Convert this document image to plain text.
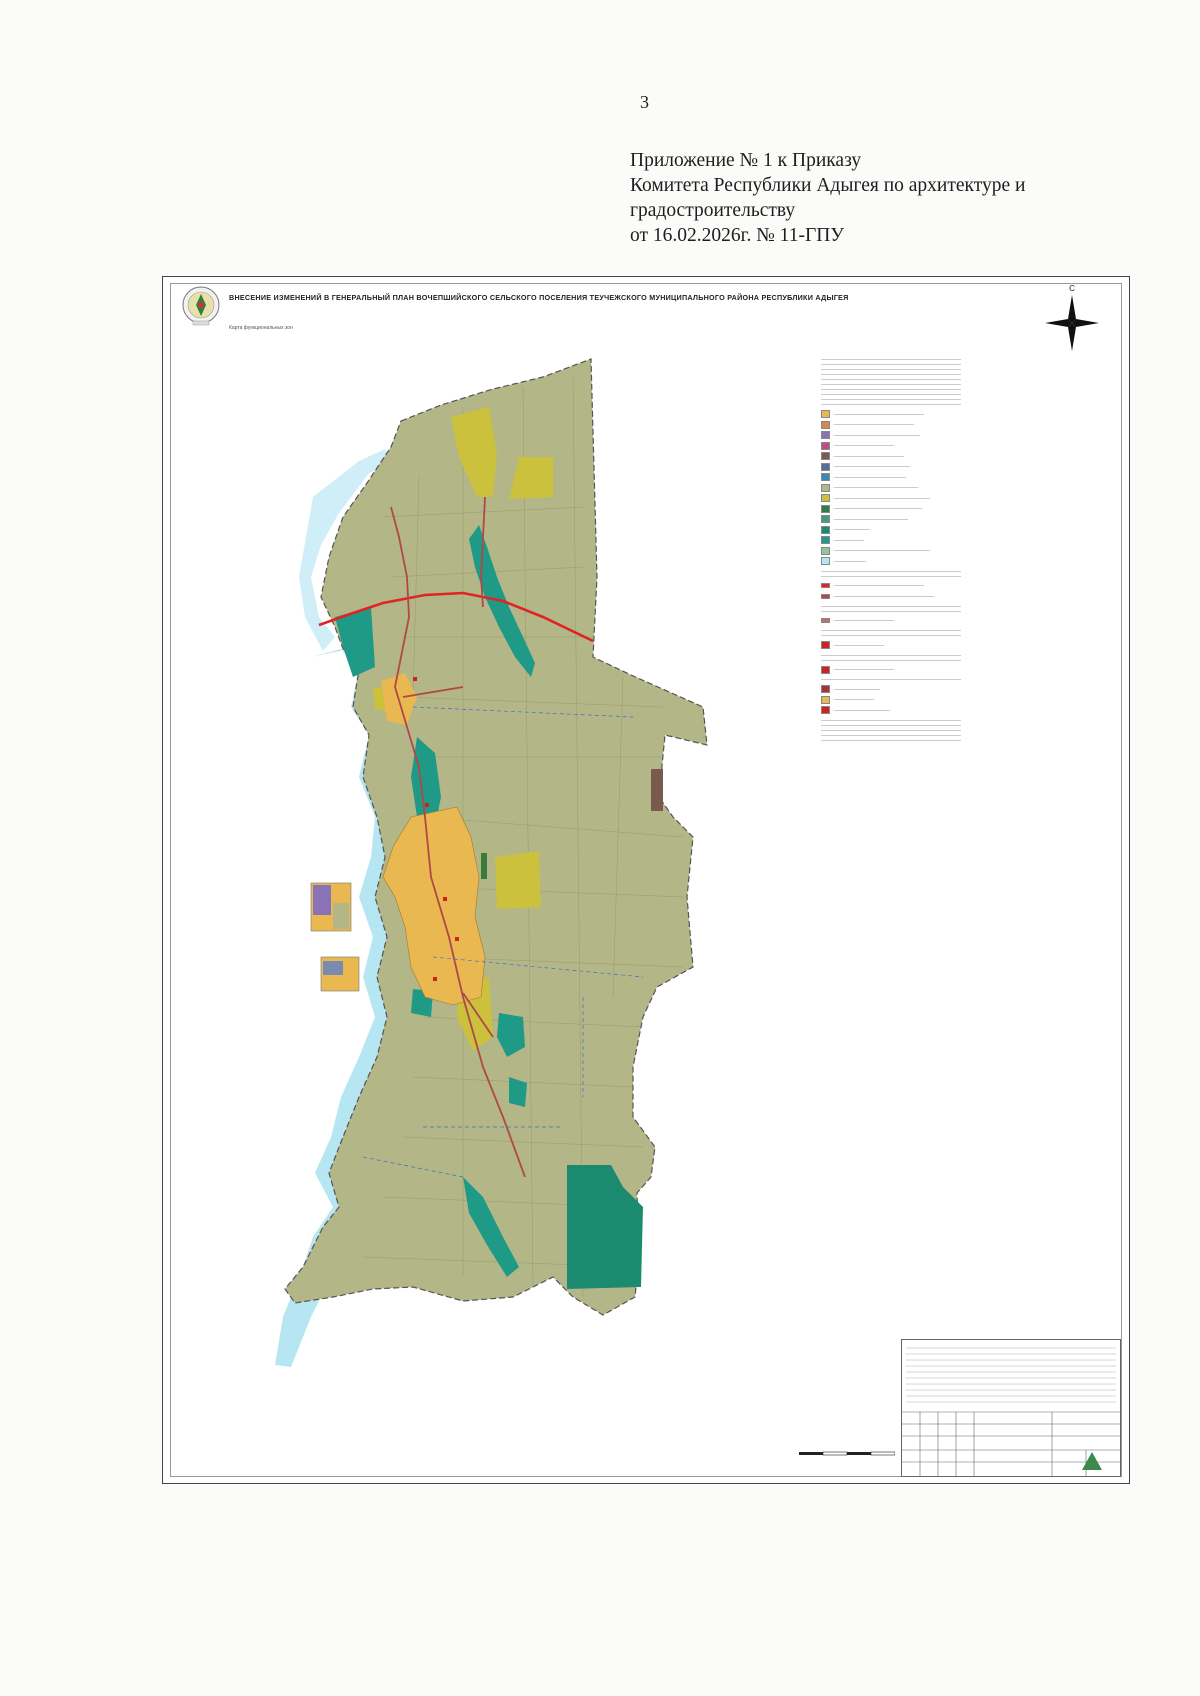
3
Приложение № 1 к Приказу
Комитета Республики Адыгея по архитектуре и
градостроительству
от 16.02.2026г. № 11-ГПУ
ВНЕСЕНИЕ ИЗМЕНЕНИЙ В ГЕНЕРАЛЬНЫЙ ПЛАН ВОЧЕПШИЙСКОГО СЕЛЬСКОГО ПОСЕЛЕНИЯ ТЕУЧЕЖСКОГО МУНИЦИПАЛЬНОГО РАЙОНА РЕСПУБЛИКИ АДЫГЕЯ
Карта функциональных зон
С
